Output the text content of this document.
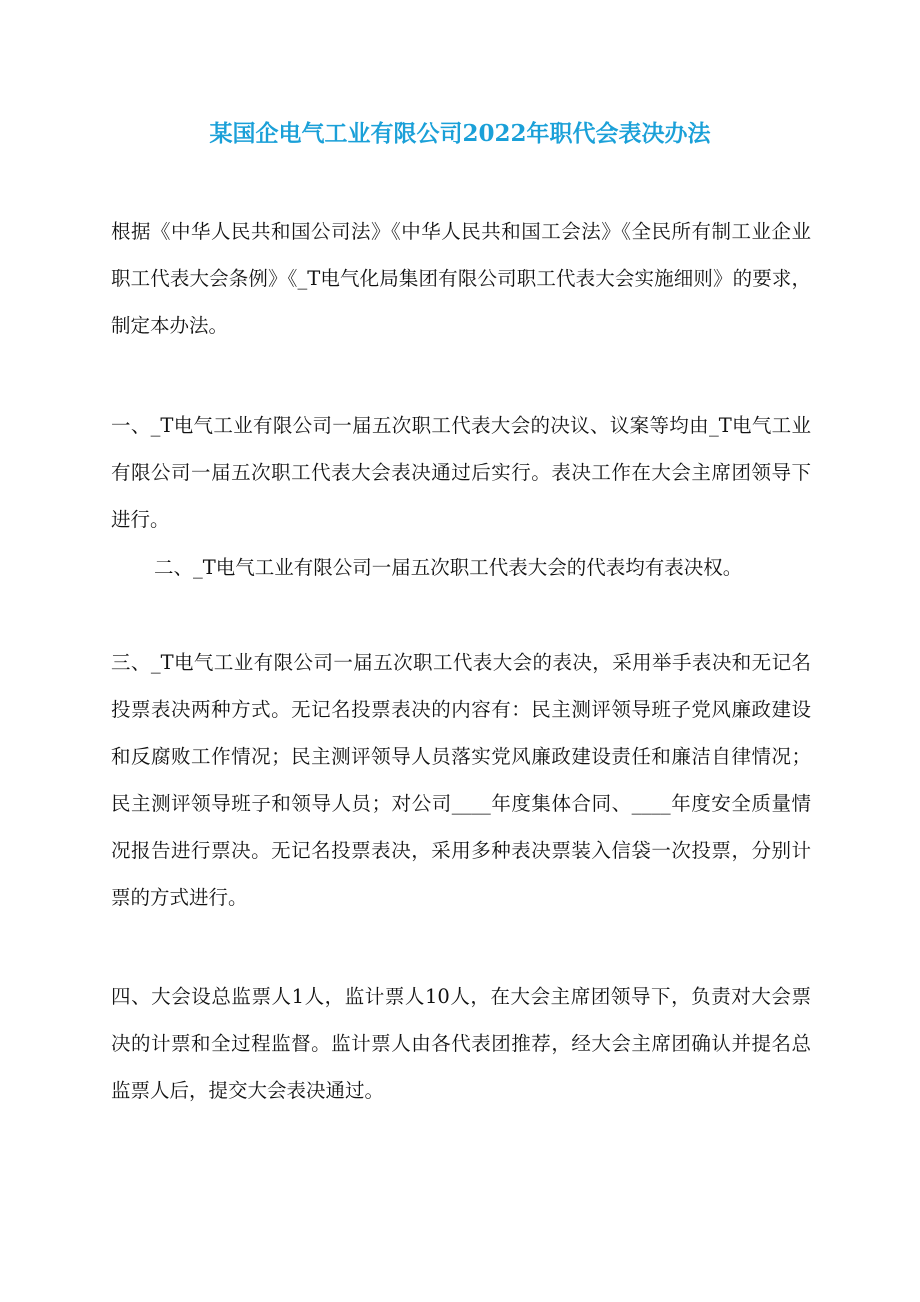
某国企电气工业有限公司2022年职代会表决办法

根据《中华人民共和国公司法》《中华人民共和国工会法》《全民所有制工业企业职工代表大会条例》《_T电气化局集团有限公司职工代表大会实施细则》的要求，制定本办法。

一、_T电气工业有限公司一届五次职工代表大会的决议、议案等均由_T电气工业有限公司一届五次职工代表大会表决通过后实行。表决工作在大会主席团领导下进行。

二、_T电气工业有限公司一届五次职工代表大会的代表均有表决权。

三、_T电气工业有限公司一届五次职工代表大会的表决，采用举手表决和无记名投票表决两种方式。无记名投票表决的内容有：民主测评领导班子党风廉政建设和反腐败工作情况；民主测评领导人员落实党风廉政建设责任和廉洁自律情况；民主测评领导班子和领导人员；对公司____年度集体合同、____年度安全质量情况报告进行票决。无记名投票表决，采用多种表决票装入信袋一次投票，分别计票的方式进行。

四、大会设总监票人1人，监计票人10人，在大会主席团领导下，负责对大会票决的计票和全过程监督。监计票人由各代表团推荐，经大会主席团确认并提名总监票人后，提交大会表决通过。
